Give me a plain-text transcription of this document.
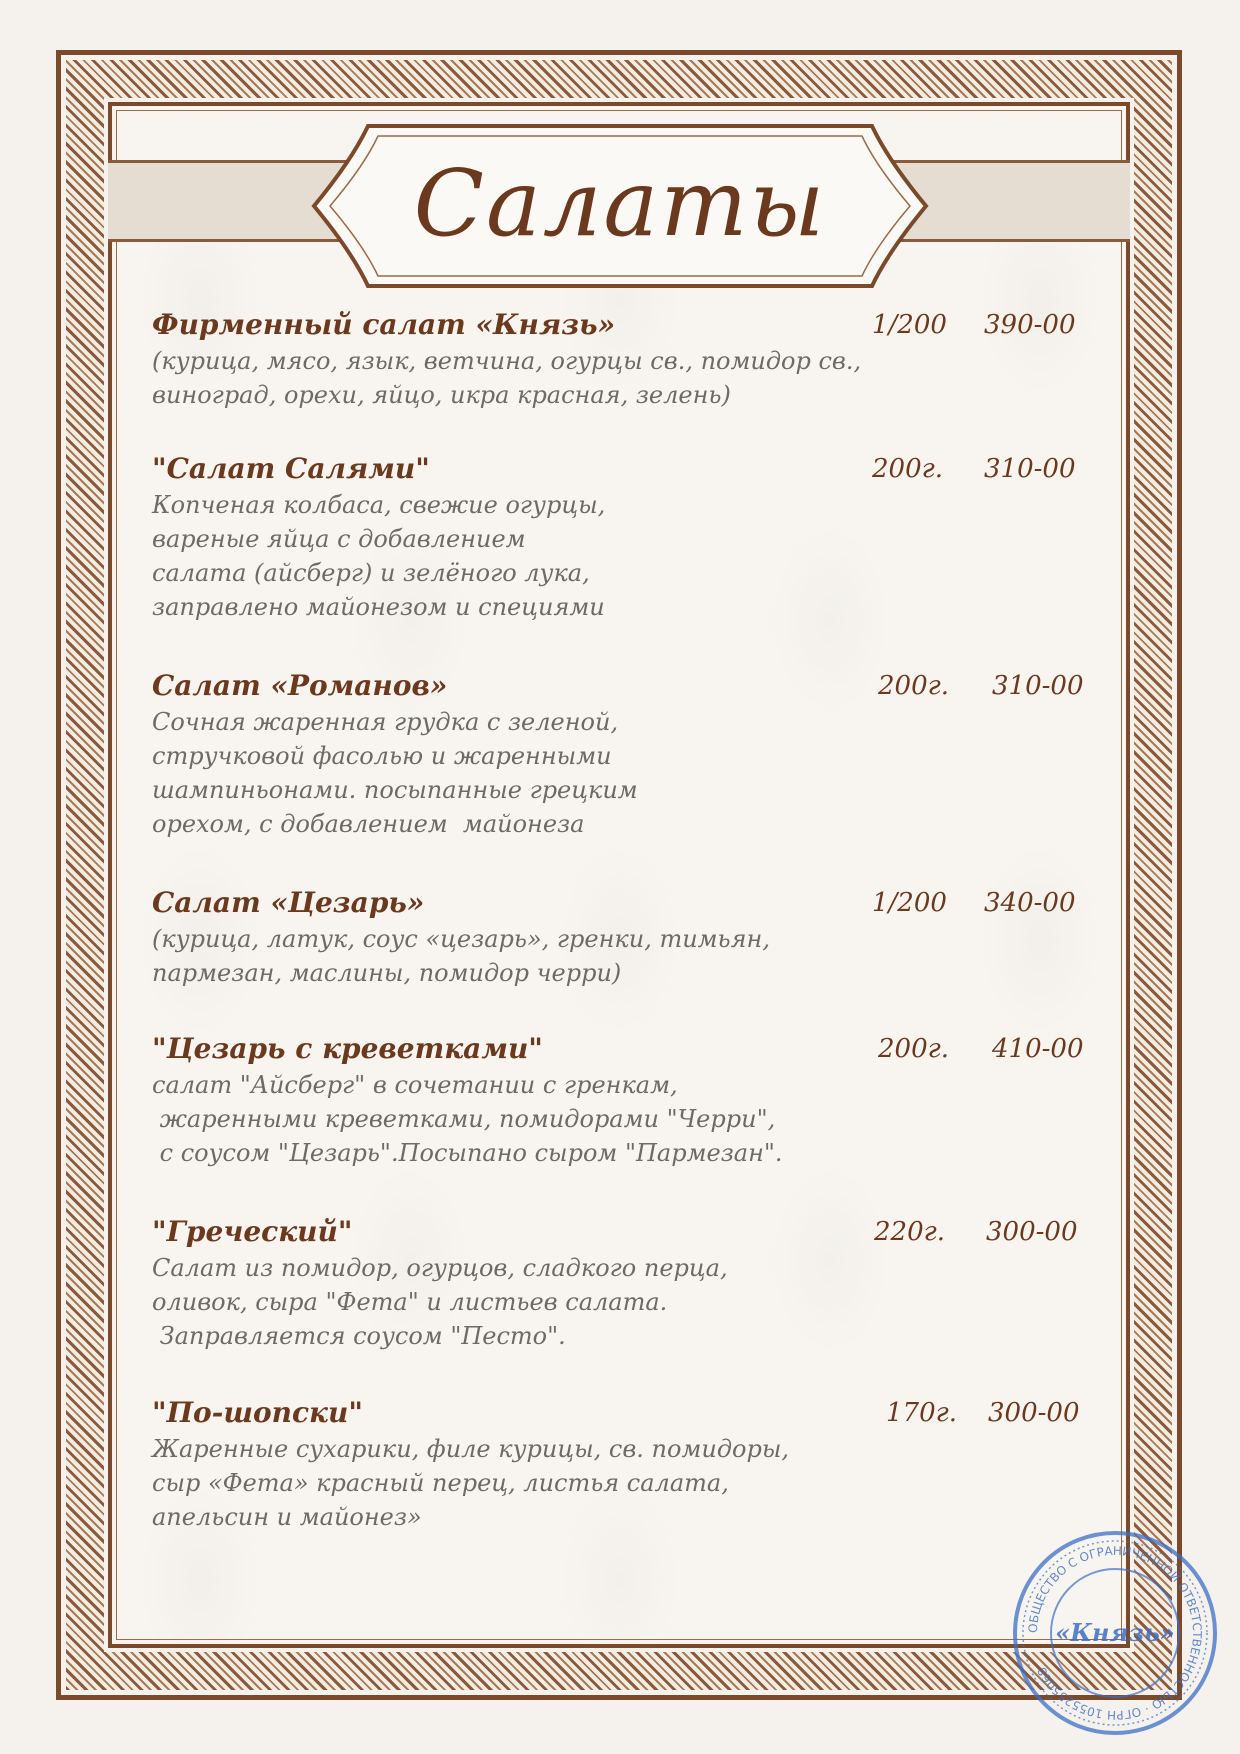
Салаты
Фирменный салат «Князь»	1/200 390-00
(курица, мясо, язык, ветчина, огурцы св., помидор св.,
виноград, орехи, яйцо, икра красная, зелень)
"Салат Салями"	200г. 310-00
Копченая колбаса, свежие огурцы,
вареные яйца с добавлением
салата (айсберг) и зелёного лука,
заправлено майонезом и специями
Салат «Романов»	200г. 310-00
Сочная жаренная грудка с зеленой,
стручковой фасолью и жаренными
шампиньонами. посыпанные грецким
орехом, с добавлением  майонеза
Салат «Цезарь»	1/200 340-00
(курица, латук, соус «цезарь», гренки, тимьян,
пармезан, маслины, помидор черри)
"Цезарь с креветками"	200г. 410-00
салат "Айсберг" в сочетании с гренкам,
жаренными креветками, помидорами "Черри",
с соусом "Цезарь".Посыпано сыром "Пармезан".
"Греческий"	220г. 300-00
Салат из помидор, огурцов, сладкого перца,
оливок, сыра "Фета" и листьев салата.
Заправляется соусом "Песто".
"По-шопски"	170г. 300-00
Жаренные сухарики, филе курицы, св. помидоры,
сыр «Фета» красный перец, листья салата,
апельсин и майонез»
ОБЩЕСТВО С ОГРАНИЧЕННОЙ ОТВЕТСТВЕННОСТЬЮ · ОГРН 1055255068
«Князь»
